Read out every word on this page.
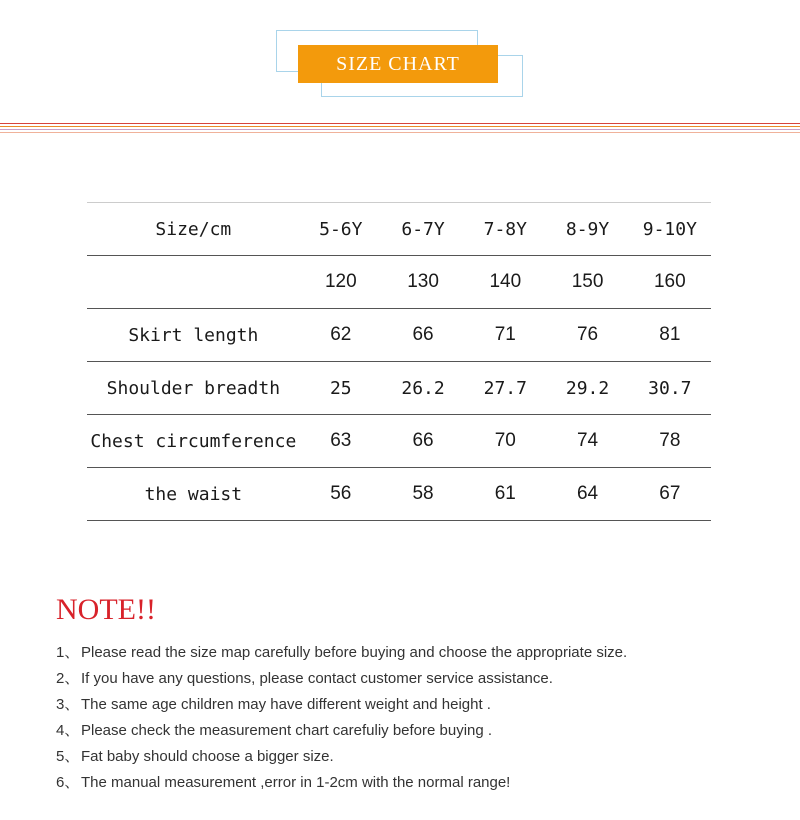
SIZE CHART
Size/cm	5-6Y	6-7Y	7-8Y	8-9Y	9-10Y
	120	130	140	150	160
Skirt length	62	66	71	76	81
Shoulder breadth	25	26.2	27.7	29.2	30.7
Chest circumference	63	66	70	74	78
the waist	56	58	61	64	67
NOTE!!
1、 Please read the size map carefully before buying and choose the appropriate size.
2、 If you have any questions, please contact customer service assistance.
3、 The same age children may have different weight and height .
4、 Please check the measurement chart carefuliy before buying .
5、 Fat baby should choose a bigger size.
6、 The manual measurement ,error in 1-2cm with the normal range!
